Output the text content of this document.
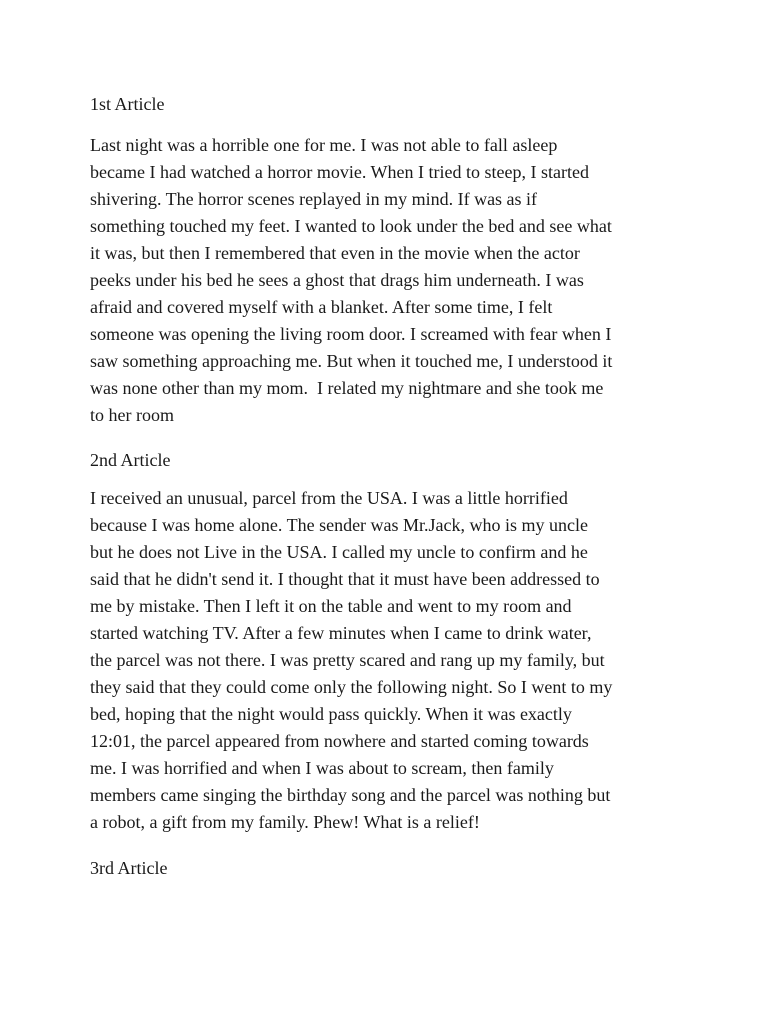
1st Article
Last night was a horrible one for me. I was not able to fall asleep
became I had watched a horror movie. When I tried to steep, I started
shivering. The horror scenes replayed in my mind. If was as if
something touched my feet. I wanted to look under the bed and see what
it was, but then I remembered that even in the movie when the actor
peeks under his bed he sees a ghost that drags him underneath. I was
afraid and covered myself with a blanket. After some time, I felt
someone was opening the living room door. I screamed with fear when I
saw something approaching me. But when it touched me, I understood it
was none other than my mom.  I related my nightmare and she took me
to her room
2nd Article
I received an unusual, parcel from the USA. I was a little horrified
because I was home alone. The sender was Mr.Jack, who is my uncle
but he does not Live in the USA. I called my uncle to confirm and he
said that he didn't send it. I thought that it must have been addressed to
me by mistake. Then I left it on the table and went to my room and
started watching TV. After a few minutes when I came to drink water,
the parcel was not there. I was pretty scared and rang up my family, but
they said that they could come only the following night. So I went to my
bed, hoping that the night would pass quickly. When it was exactly
12:01, the parcel appeared from nowhere and started coming towards
me. I was horrified and when I was about to scream, then family
members came singing the birthday song and the parcel was nothing but
a robot, a gift from my family. Phew! What is a relief!
3rd Article
